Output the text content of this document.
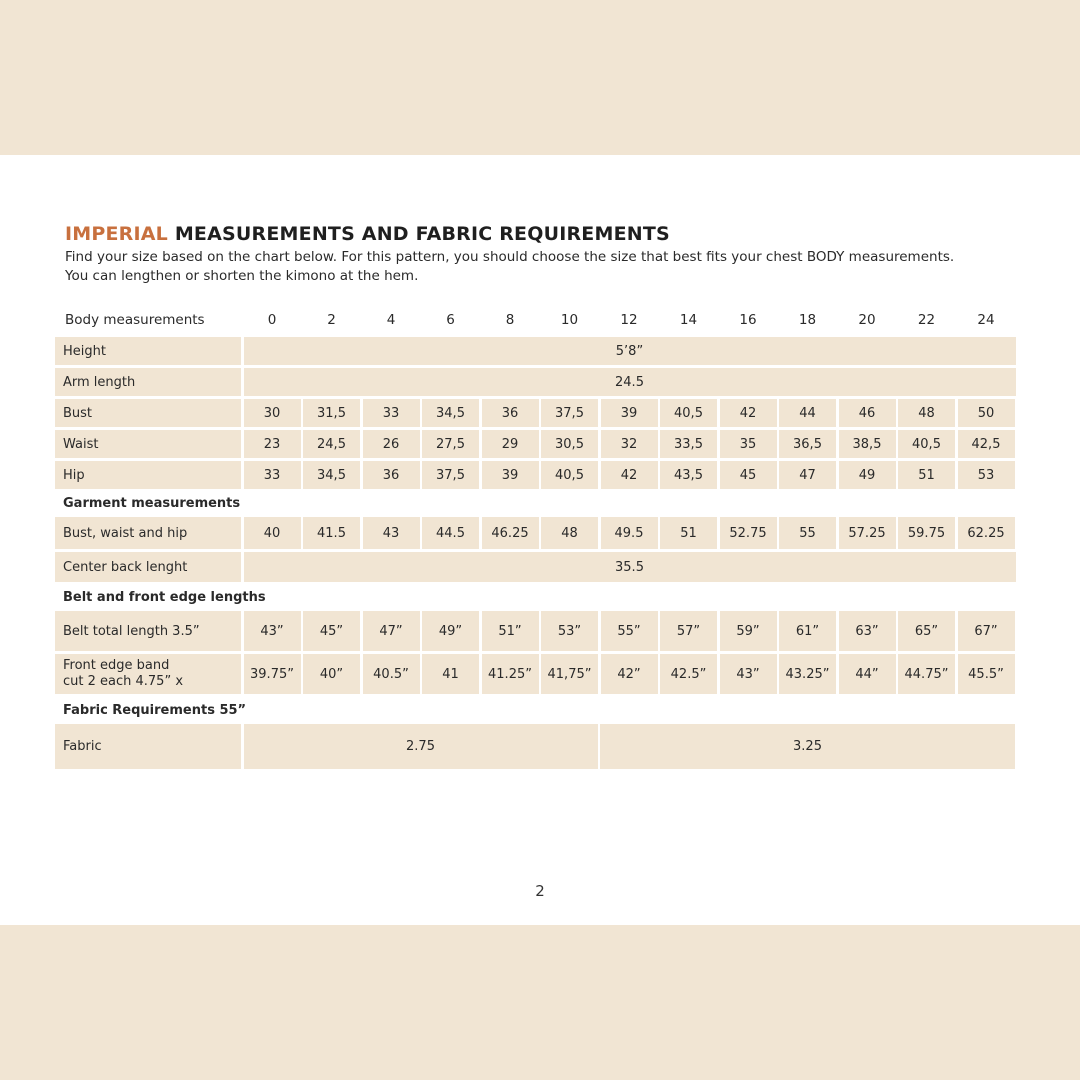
IMPERIAL MEASUREMENTS AND FABRIC REQUIREMENTS
Find your size based on the chart below. For this pattern, you should choose the size that best fits your chest BODY measurements.
You can lengthen or shorten the kimono at the hem.
Body measurements	0	2	4	6	8	10	12	14	16	18	20	22	24
Height	5’8”
Arm length	24.5
Bust	30	31,5	33	34,5	36	37,5	39	40,5	42	44	46	48	50
Waist	23	24,5	26	27,5	29	30,5	32	33,5	35	36,5	38,5	40,5	42,5
Hip	33	34,5	36	37,5	39	40,5	42	43,5	45	47	49	51	53
Garment measurements
Bust, waist and hip	40	41.5	43	44.5	46.25	48	49.5	51	52.75	55	57.25	59.75	62.25
Center back lenght	35.5
Belt and front edge lengths
Belt total length 3.5”	43”	45”	47”	49”	51”	53”	55”	57”	59”	61”	63”	65”	67”
Front edge band
cut 2 each 4.75” x	39.75”	40”	40.5”	41	41.25”	41,75”	42”	42.5”	43”	43.25”	44”	44.75”	45.5”
Fabric Requirements 55”
Fabric	2.75	3.25
2
